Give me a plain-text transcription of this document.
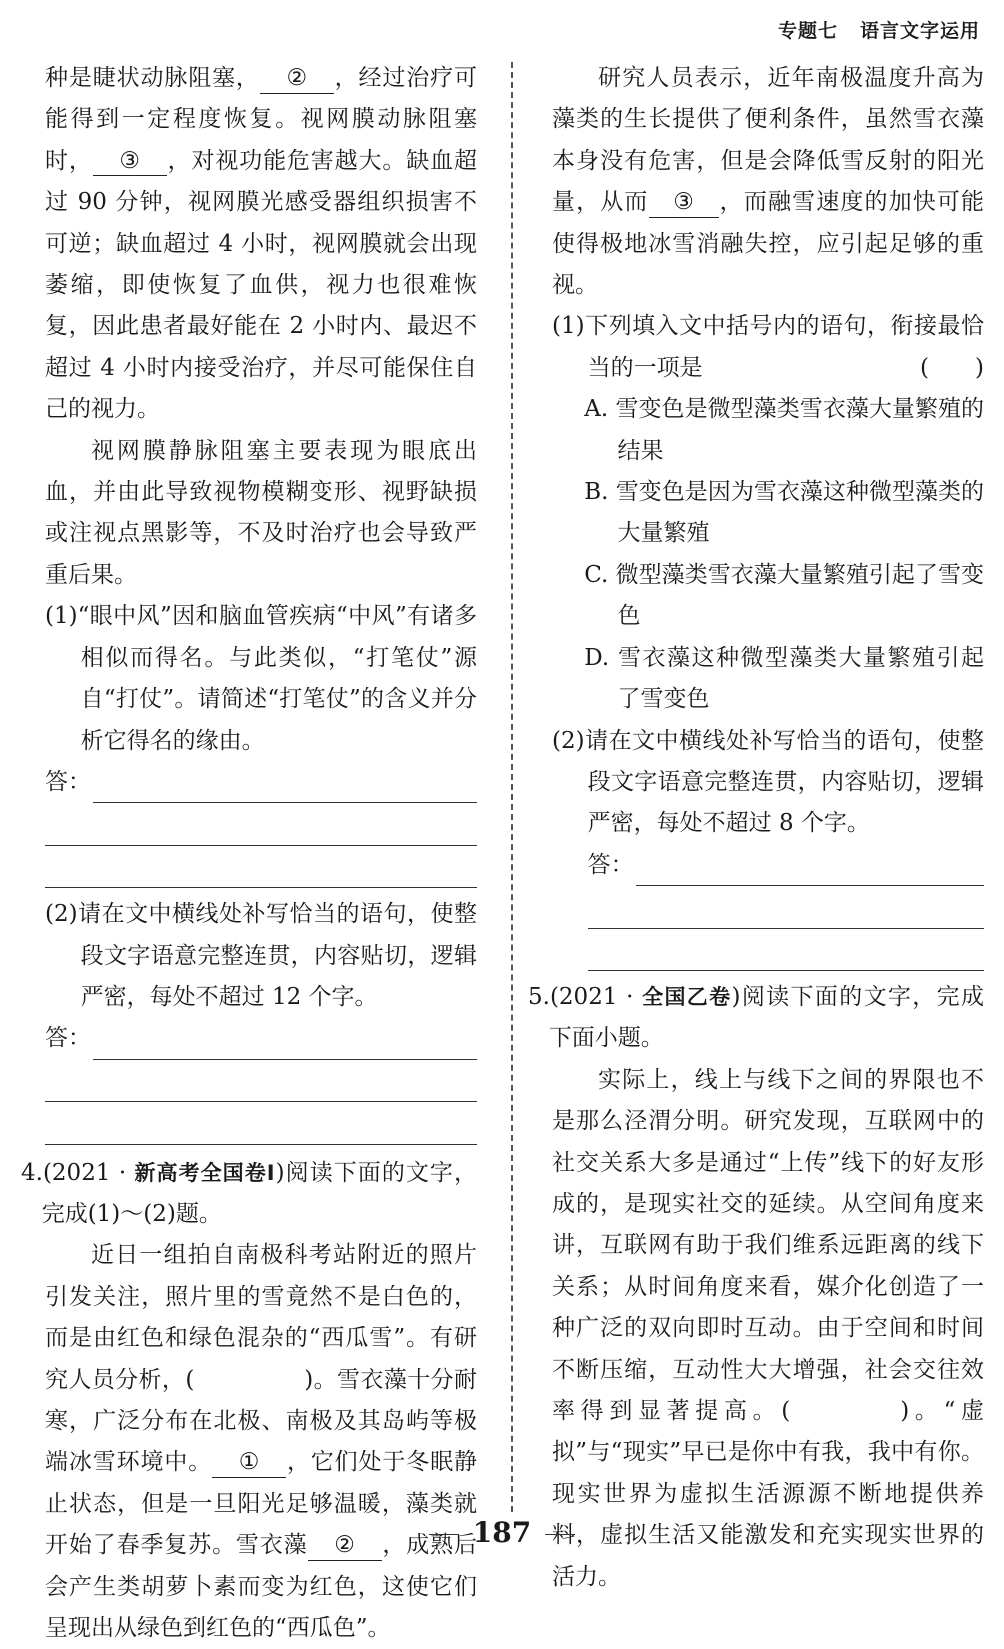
专题七 语言文字运用

种是睫状动脉阻塞， ② ，经过治疗可能得到一定程度恢复。视网膜动脉阻塞时， ③ ，对视功能危害越大。缺血超过 90 分钟，视网膜光感受器组织损害不可逆；缺血超过 4 小时，视网膜就会出现萎缩，即使恢复了血供，视力也很难恢复，因此患者最好能在 2 小时内、最迟不超过 4 小时内接受治疗，并尽可能保住自己的视力。

视网膜静脉阻塞主要表现为眼底出血，并由此导致视物模糊变形、视野缺损或注视点黑影等，不及时治疗也会导致严重后果。

(1)“眼中风”因和脑血管疾病“中风”有诸多相似而得名。与此类似，“打笔仗”源自“打仗”。请简述“打笔仗”的含义并分析它得名的缘由。

答：

(2)请在文中横线处补写恰当的语句，使整段文字语意完整连贯，内容贴切，逻辑严密，每处不超过 12 个字。

答：

4.(2021 · 新高考全国卷Ⅰ)阅读下面的文字，完成(1)～(2)题。

近日一组拍自南极科考站附近的照片引发关注，照片里的雪竟然不是白色的，而是由红色和绿色混杂的“西瓜雪”。有研究人员分析，(	)。雪衣藻十分耐寒，广泛分布在北极、南极及其岛屿等极端冰雪环境中。 ① ，它们处于冬眠静止状态，但是一旦阳光足够温暖，藻类就开始了春季复苏。雪衣藻 ② ，成熟后会产生类胡萝卜素而变为红色，这使它们呈现出从绿色到红色的“西瓜色”。

研究人员表示，近年南极温度升高为藻类的生长提供了便利条件，虽然雪衣藻本身没有危害，但是会降低雪反射的阳光量，从而 ③ ，而融雪速度的加快可能使得极地冰雪消融失控，应引起足够的重视。

(1)下列填入文中括号内的语句，衔接最恰当的一项是	(　　)

A. 雪变色是微型藻类雪衣藻大量繁殖的结果

B. 雪变色是因为雪衣藻这种微型藻类的大量繁殖

C. 微型藻类雪衣藻大量繁殖引起了雪变色

D. 雪衣藻这种微型藻类大量繁殖引起了雪变色

(2)请在文中横线处补写恰当的语句，使整段文字语意完整连贯，内容贴切，逻辑严密，每处不超过 8 个字。

答：

5.(2021 · 全国乙卷)阅读下面的文字，完成下面小题。

实际上，线上与线下之间的界限也不是那么泾渭分明。研究发现，互联网中的社交关系大多是通过“上传”线下的好友形成的，是现实社交的延续。从空间角度来讲，互联网有助于我们维系远距离的线下关系；从时间角度来看，媒介化创造了一种广泛的双向即时互动。由于空间和时间不断压缩，互动性大大增强，社会交往效率得到显著提高。(	)。“虚拟”与“现实”早已是你中有我，我中有你。现实世界为虚拟生活源源不断地提供养料，虚拟生活又能激发和充实现实世界的活力。

187
